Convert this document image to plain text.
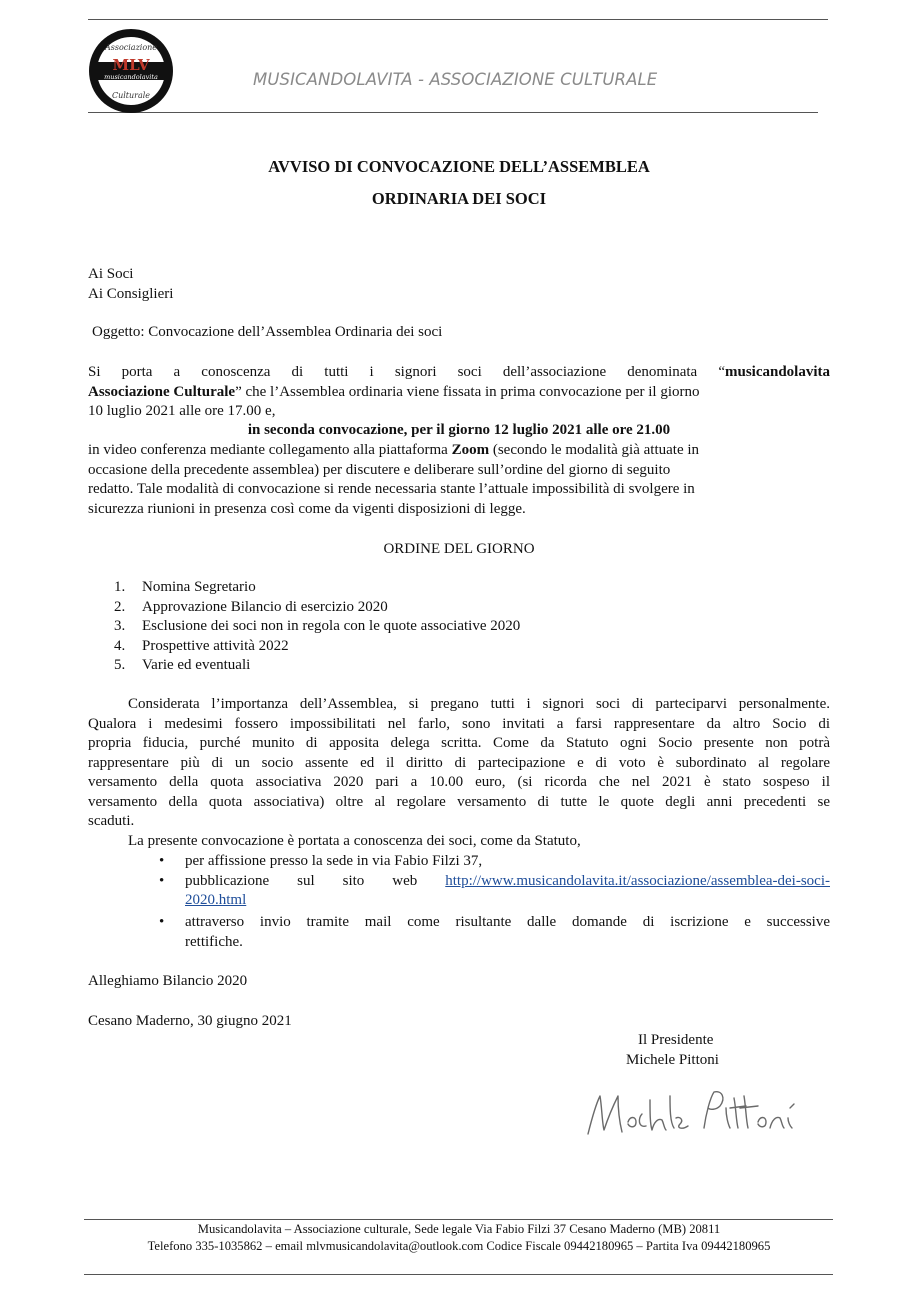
Associazione
MLV
musicandolavita
Culturale
MUSICANDOLAVITA - ASSOCIAZIONE CULTURALE
AVVISO DI CONVOCAZIONE DELL’ASSEMBLEA
ORDINARIA DEI SOCI
Ai Soci
Ai Consiglieri
Oggetto: Convocazione dell’Assemblea Ordinaria dei soci
Si porta a conoscenza di tutti i signori soci dell’associazione denominata “musicandolavita
Associazione Culturale” che l’Assemblea ordinaria viene fissata in prima convocazione per il giorno
10 luglio 2021 alle ore 17.00 e,
in seconda convocazione, per il giorno 12 luglio 2021 alle ore 21.00
in video conferenza mediante collegamento alla piattaforma Zoom (secondo le modalità già attuate in
occasione della precedente assemblea) per discutere e deliberare sull’ordine del giorno di seguito
redatto. Tale modalità di convocazione si rende necessaria stante l’attuale impossibilità di svolgere in
sicurezza riunioni in presenza così come da vigenti disposizioni di legge.
ORDINE DEL GIORNO
1. Nomina Segretario
2. Approvazione Bilancio di esercizio 2020
3. Esclusione dei soci non in regola con le quote associative 2020
4. Prospettive attività 2022
5. Varie ed eventuali
Considerata l’importanza dell’Assemblea, si pregano tutti i signori soci di parteciparvi personalmente.
Qualora i medesimi fossero impossibilitati nel farlo, sono invitati a farsi rappresentare da altro Socio di
propria fiducia, purché munito di apposita delega scritta. Come da Statuto ogni Socio presente non potrà
rappresentare più di un socio assente ed il diritto di partecipazione e di voto è subordinato al regolare
versamento della quota associativa 2020 pari a 10.00 euro, (si ricorda che nel 2021 è stato sospeso il
versamento della quota associativa) oltre al regolare versamento di tutte le quote degli anni precedenti se
scaduti.
La presente convocazione è portata a conoscenza dei soci, come da Statuto,
• per affissione presso la sede in via Fabio Filzi 37,
• pubblicazione sul sito web http://www.musicandolavita.it/associazione/assemblea-dei-soci-
2020.html
• attraverso invio tramite mail come risultante dalle domande di iscrizione e successive
rettifiche.
Alleghiamo Bilancio 2020
Cesano Maderno, 30 giugno 2021
Il Presidente
Michele Pittoni
Musicandolavita – Associazione culturale, Sede legale Via Fabio Filzi 37 Cesano Maderno (MB) 20811
Telefono 335-1035862 – email mlvmusicandolavita@outlook.com Codice Fiscale 09442180965 – Partita Iva 09442180965
